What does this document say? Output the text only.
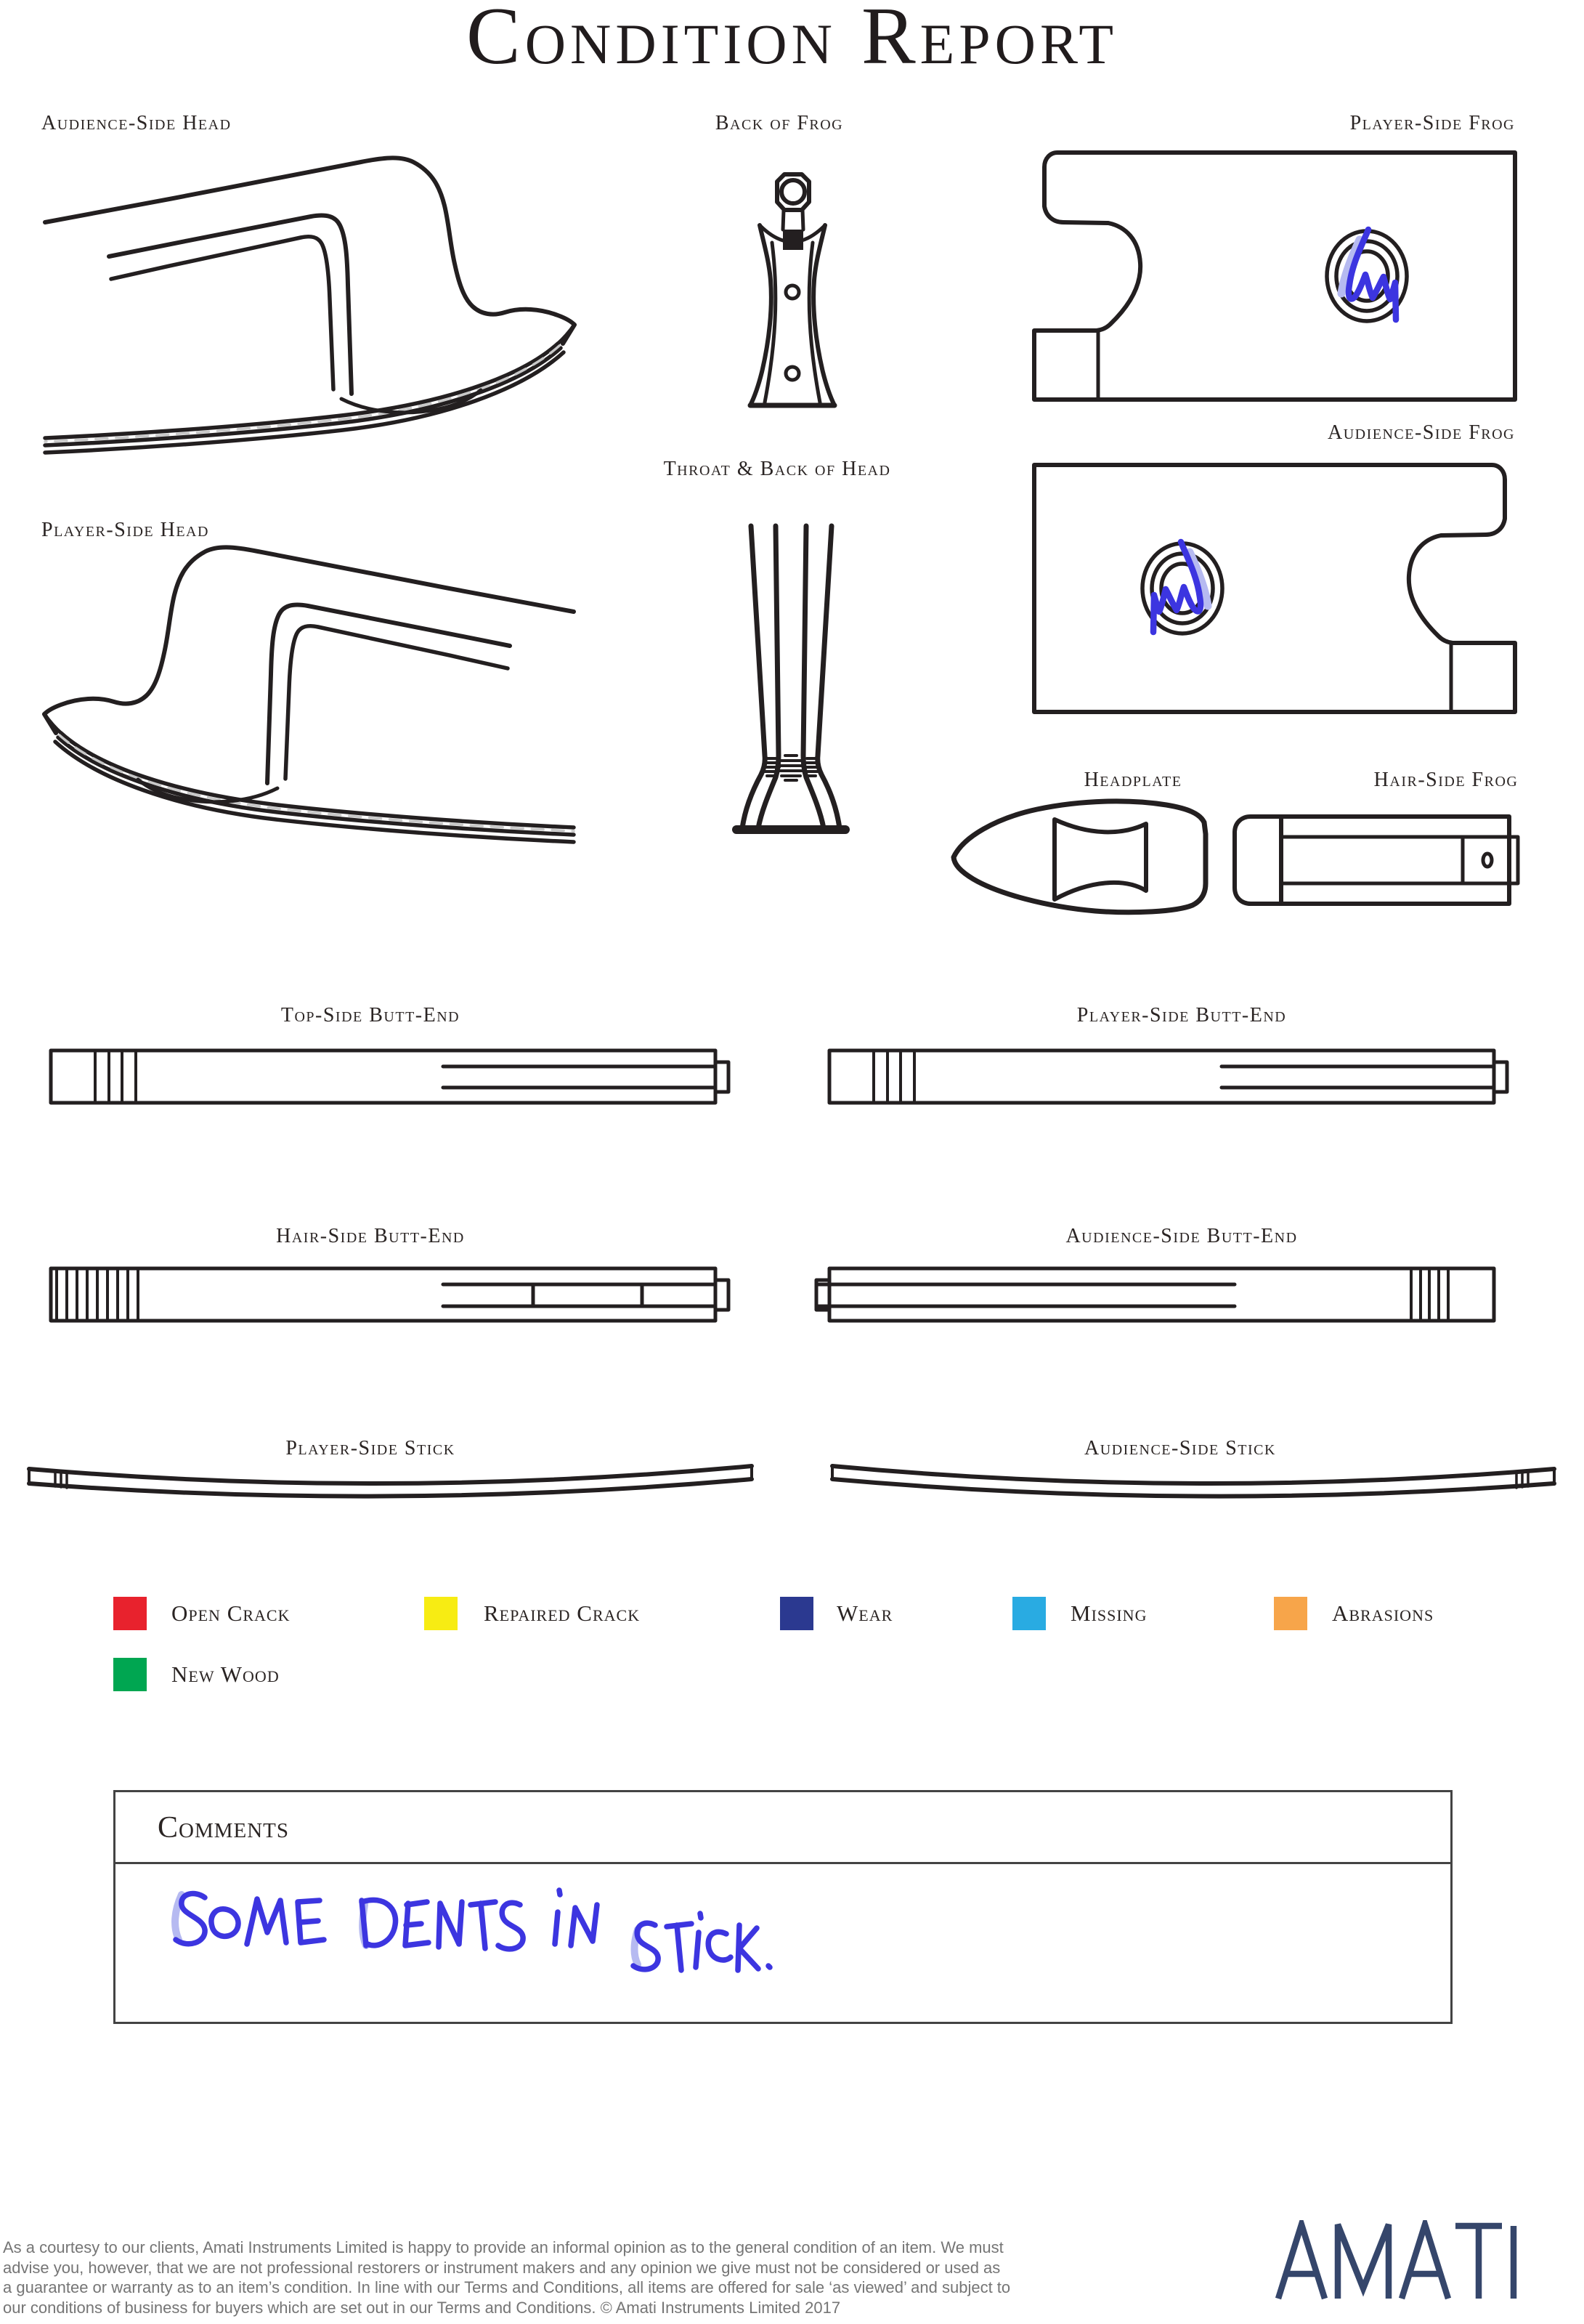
Condition Report
Audience-Side Head	Back of Frog	Player-Side Frog
Player-Side Head
Throat & Back of Head
Audience-Side Frog
Headplate	Hair-Side Frog
Top-Side Butt-End	Player-Side Butt-End
Hair-Side Butt-End	Audience-Side Butt-End
Player-Side Stick	Audience-Side Stick
Open Crack	Repaired Crack	Wear	Missing	Abrasions
New Wood
Comments
As a courtesy to our clients, Amati Instruments Limited is happy to provide an informal opinion as to the general condition of an item. We must
advise you, however, that we are not professional restorers or instrument makers and any opinion we give must not be considered or used as
a guarantee or warranty as to an item’s condition. In line with our Terms and Conditions, all items are offered for sale ‘as viewed’ and subject to
our conditions of business for buyers which are set out in our Terms and Conditions. © Amati Instruments Limited 2017
